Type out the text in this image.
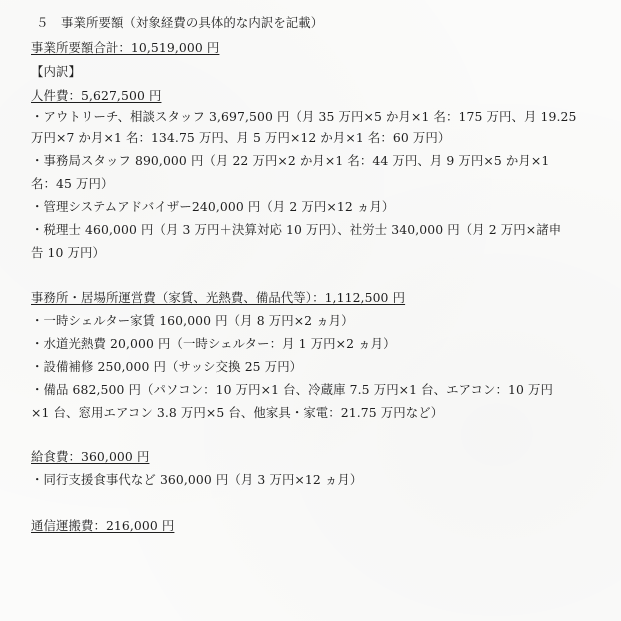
５　事業所要額（対象経費の具体的な内訳を記載）
事業所要額合計：10,519,000 円
【内訳】
人件費：5,627,500 円
・アウトリーチ、相談スタッフ 3,697,500 円（月 35 万円×5 か月×1 名：175 万円、月 19.25
万円×7 か月×1 名：134.75 万円、月 5 万円×12 か月×1 名：60 万円）
・事務局スタッフ 890,000 円（月 22 万円×2 か月×1 名：44 万円、月 9 万円×5 か月×1
名：45 万円）
・管理システムアドバイザー240,000 円（月 2 万円×12 ヵ月）
・税理士 460,000 円（月 3 万円＋決算対応 10 万円）、社労士 340,000 円（月 2 万円×諸申
告 10 万円）
事務所・居場所運営費（家賃、光熱費、備品代等）：1,112,500 円
・一時シェルター家賃 160,000 円（月 8 万円×2 ヵ月）
・水道光熱費 20,000 円（一時シェルター：月 1 万円×2 ヵ月）
・設備補修 250,000 円（サッシ交換 25 万円）
・備品 682,500 円（パソコン：10 万円×1 台、冷蔵庫 7.5 万円×1 台、エアコン：10 万円
×1 台、窓用エアコン 3.8 万円×5 台、他家具・家電：21.75 万円など）
給食費：360,000 円
・同行支援食事代など 360,000 円（月 3 万円×12 ヵ月）
通信運搬費：216,000 円
